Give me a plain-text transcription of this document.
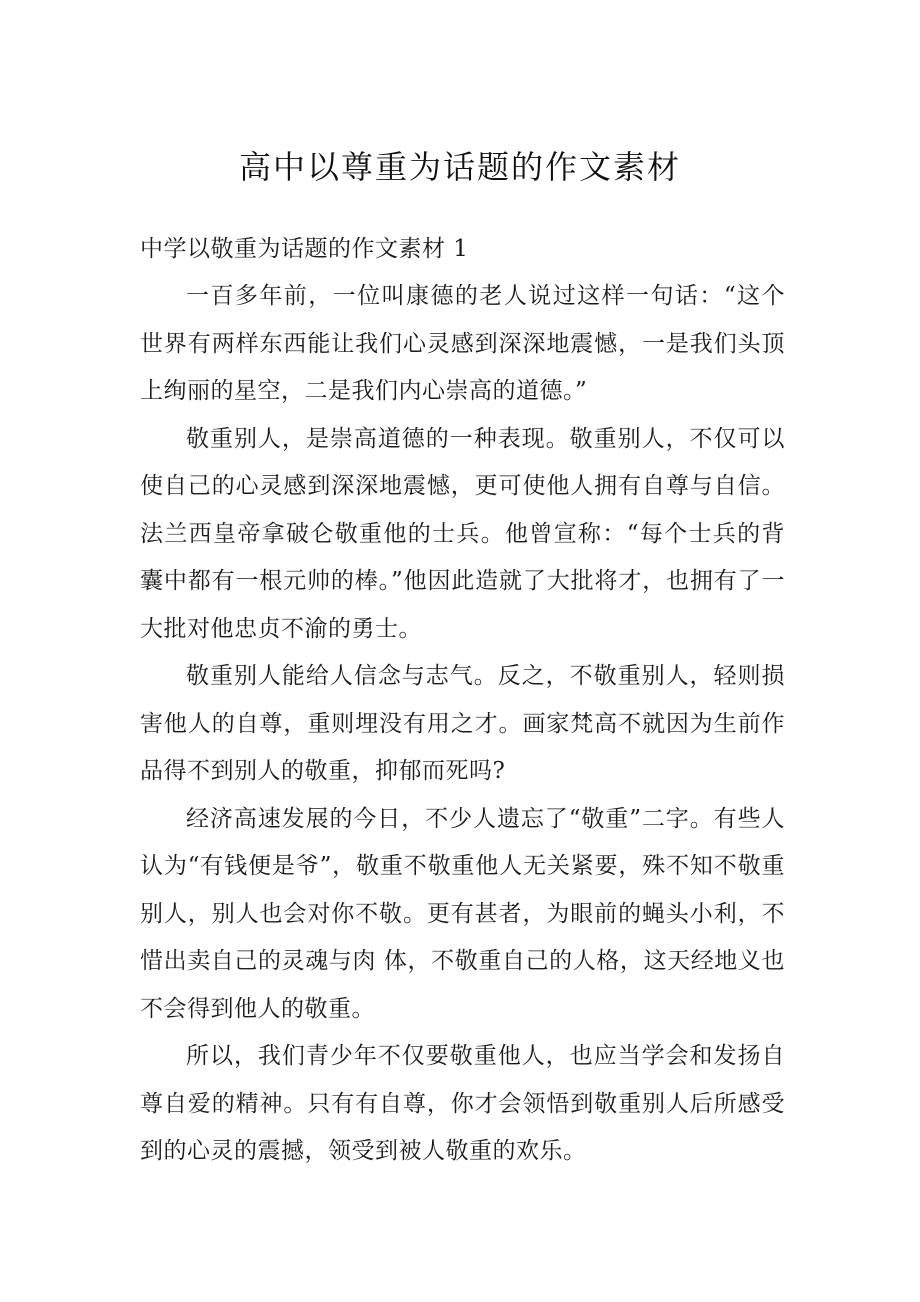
高中以尊重为话题的作文素材

中学以敬重为话题的作文素材 1

一百多年前，一位叫康德的老人说过这样一句话：“这个世界有两样东西能让我们心灵感到深深地震憾，一是我们头顶上绚丽的星空，二是我们内心崇高的道德。”

敬重别人，是崇高道德的一种表现。敬重别人，不仅可以使自己的心灵感到深深地震憾，更可使他人拥有自尊与自信。法兰西皇帝拿破仑敬重他的士兵。他曾宣称：“每个士兵的背囊中都有一根元帅的棒。”他因此造就了大批将才，也拥有了一大批对他忠贞不渝的勇士。

敬重别人能给人信念与志气。反之，不敬重别人，轻则损害他人的自尊，重则埋没有用之才。画家梵高不就因为生前作品得不到别人的敬重，抑郁而死吗?

经济高速发展的今日，不少人遗忘了“敬重”二字。有些人认为“有钱便是爷”，敬重不敬重他人无关紧要，殊不知不敬重别人，别人也会对你不敬。更有甚者，为眼前的蝇头小利，不惜出卖自己的灵魂与肉 体，不敬重自己的人格，这天经地义也不会得到他人的敬重。

所以，我们青少年不仅要敬重他人，也应当学会和发扬自尊自爱的精神。只有有自尊，你才会领悟到敬重别人后所感受到的心灵的震撼，领受到被人敬重的欢乐。
